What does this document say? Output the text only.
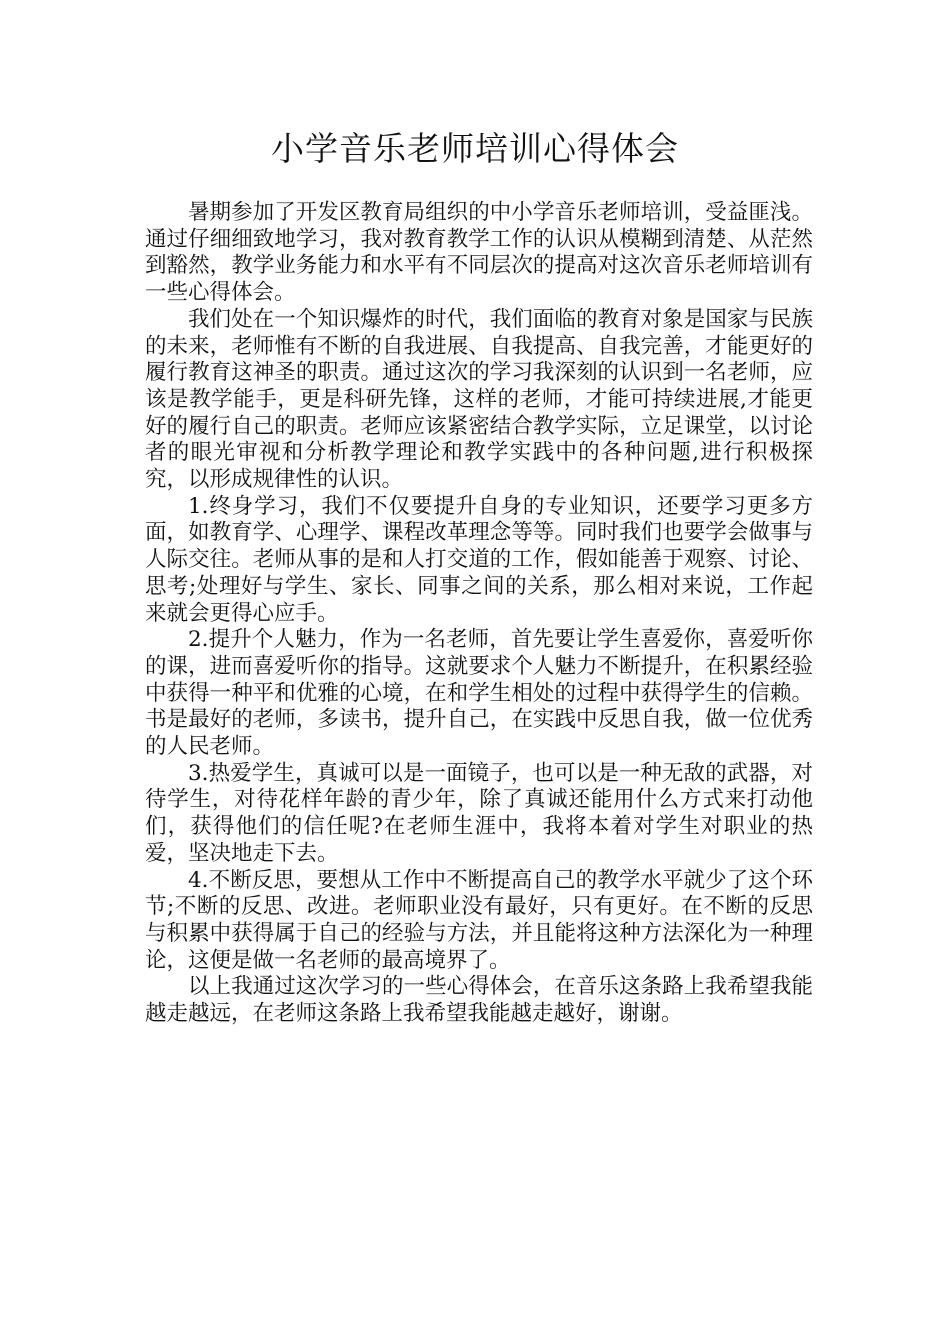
小学音乐老师培训心得体会

暑期参加了开发区教育局组织的中小学音乐老师培训，受益匪浅。通过仔细细致地学习，我对教育教学工作的认识从模糊到清楚、从茫然到豁然，教学业务能力和水平有不同层次的提高对这次音乐老师培训有一些心得体会。

我们处在一个知识爆炸的时代，我们面临的教育对象是国家与民族的未来，老师惟有不断的自我进展、自我提高、自我完善，才能更好的履行教育这神圣的职责。通过这次的学习我深刻的认识到一名老师，应该是教学能手，更是科研先锋，这样的老师，才能可持续进展,才能更好的履行自己的职责。老师应该紧密结合教学实际，立足课堂，以讨论者的眼光审视和分析教学理论和教学实践中的各种问题,进行积极探究，以形成规律性的认识。

1.终身学习，我们不仅要提升自身的专业知识，还要学习更多方面，如教育学、心理学、课程改革理念等等。同时我们也要学会做事与人际交往。老师从事的是和人打交道的工作，假如能善于观察、讨论、思考;处理好与学生、家长、同事之间的关系，那么相对来说，工作起来就会更得心应手。

2.提升个人魅力，作为一名老师，首先要让学生喜爱你，喜爱听你的课，进而喜爱听你的指导。这就要求个人魅力不断提升，在积累经验中获得一种平和优雅的心境，在和学生相处的过程中获得学生的信赖。书是最好的老师，多读书，提升自己，在实践中反思自我，做一位优秀的人民老师。

3.热爱学生，真诚可以是一面镜子，也可以是一种无敌的武器，对待学生，对待花样年龄的青少年，除了真诚还能用什么方式来打动他们，获得他们的信任呢?在老师生涯中，我将本着对学生对职业的热爱，坚决地走下去。

4.不断反思，要想从工作中不断提高自己的教学水平就少了这个环节;不断的反思、改进。老师职业没有最好，只有更好。在不断的反思与积累中获得属于自己的经验与方法，并且能将这种方法深化为一种理论，这便是做一名老师的最高境界了。

以上我通过这次学习的一些心得体会，在音乐这条路上我希望我能越走越远，在老师这条路上我希望我能越走越好，谢谢。
